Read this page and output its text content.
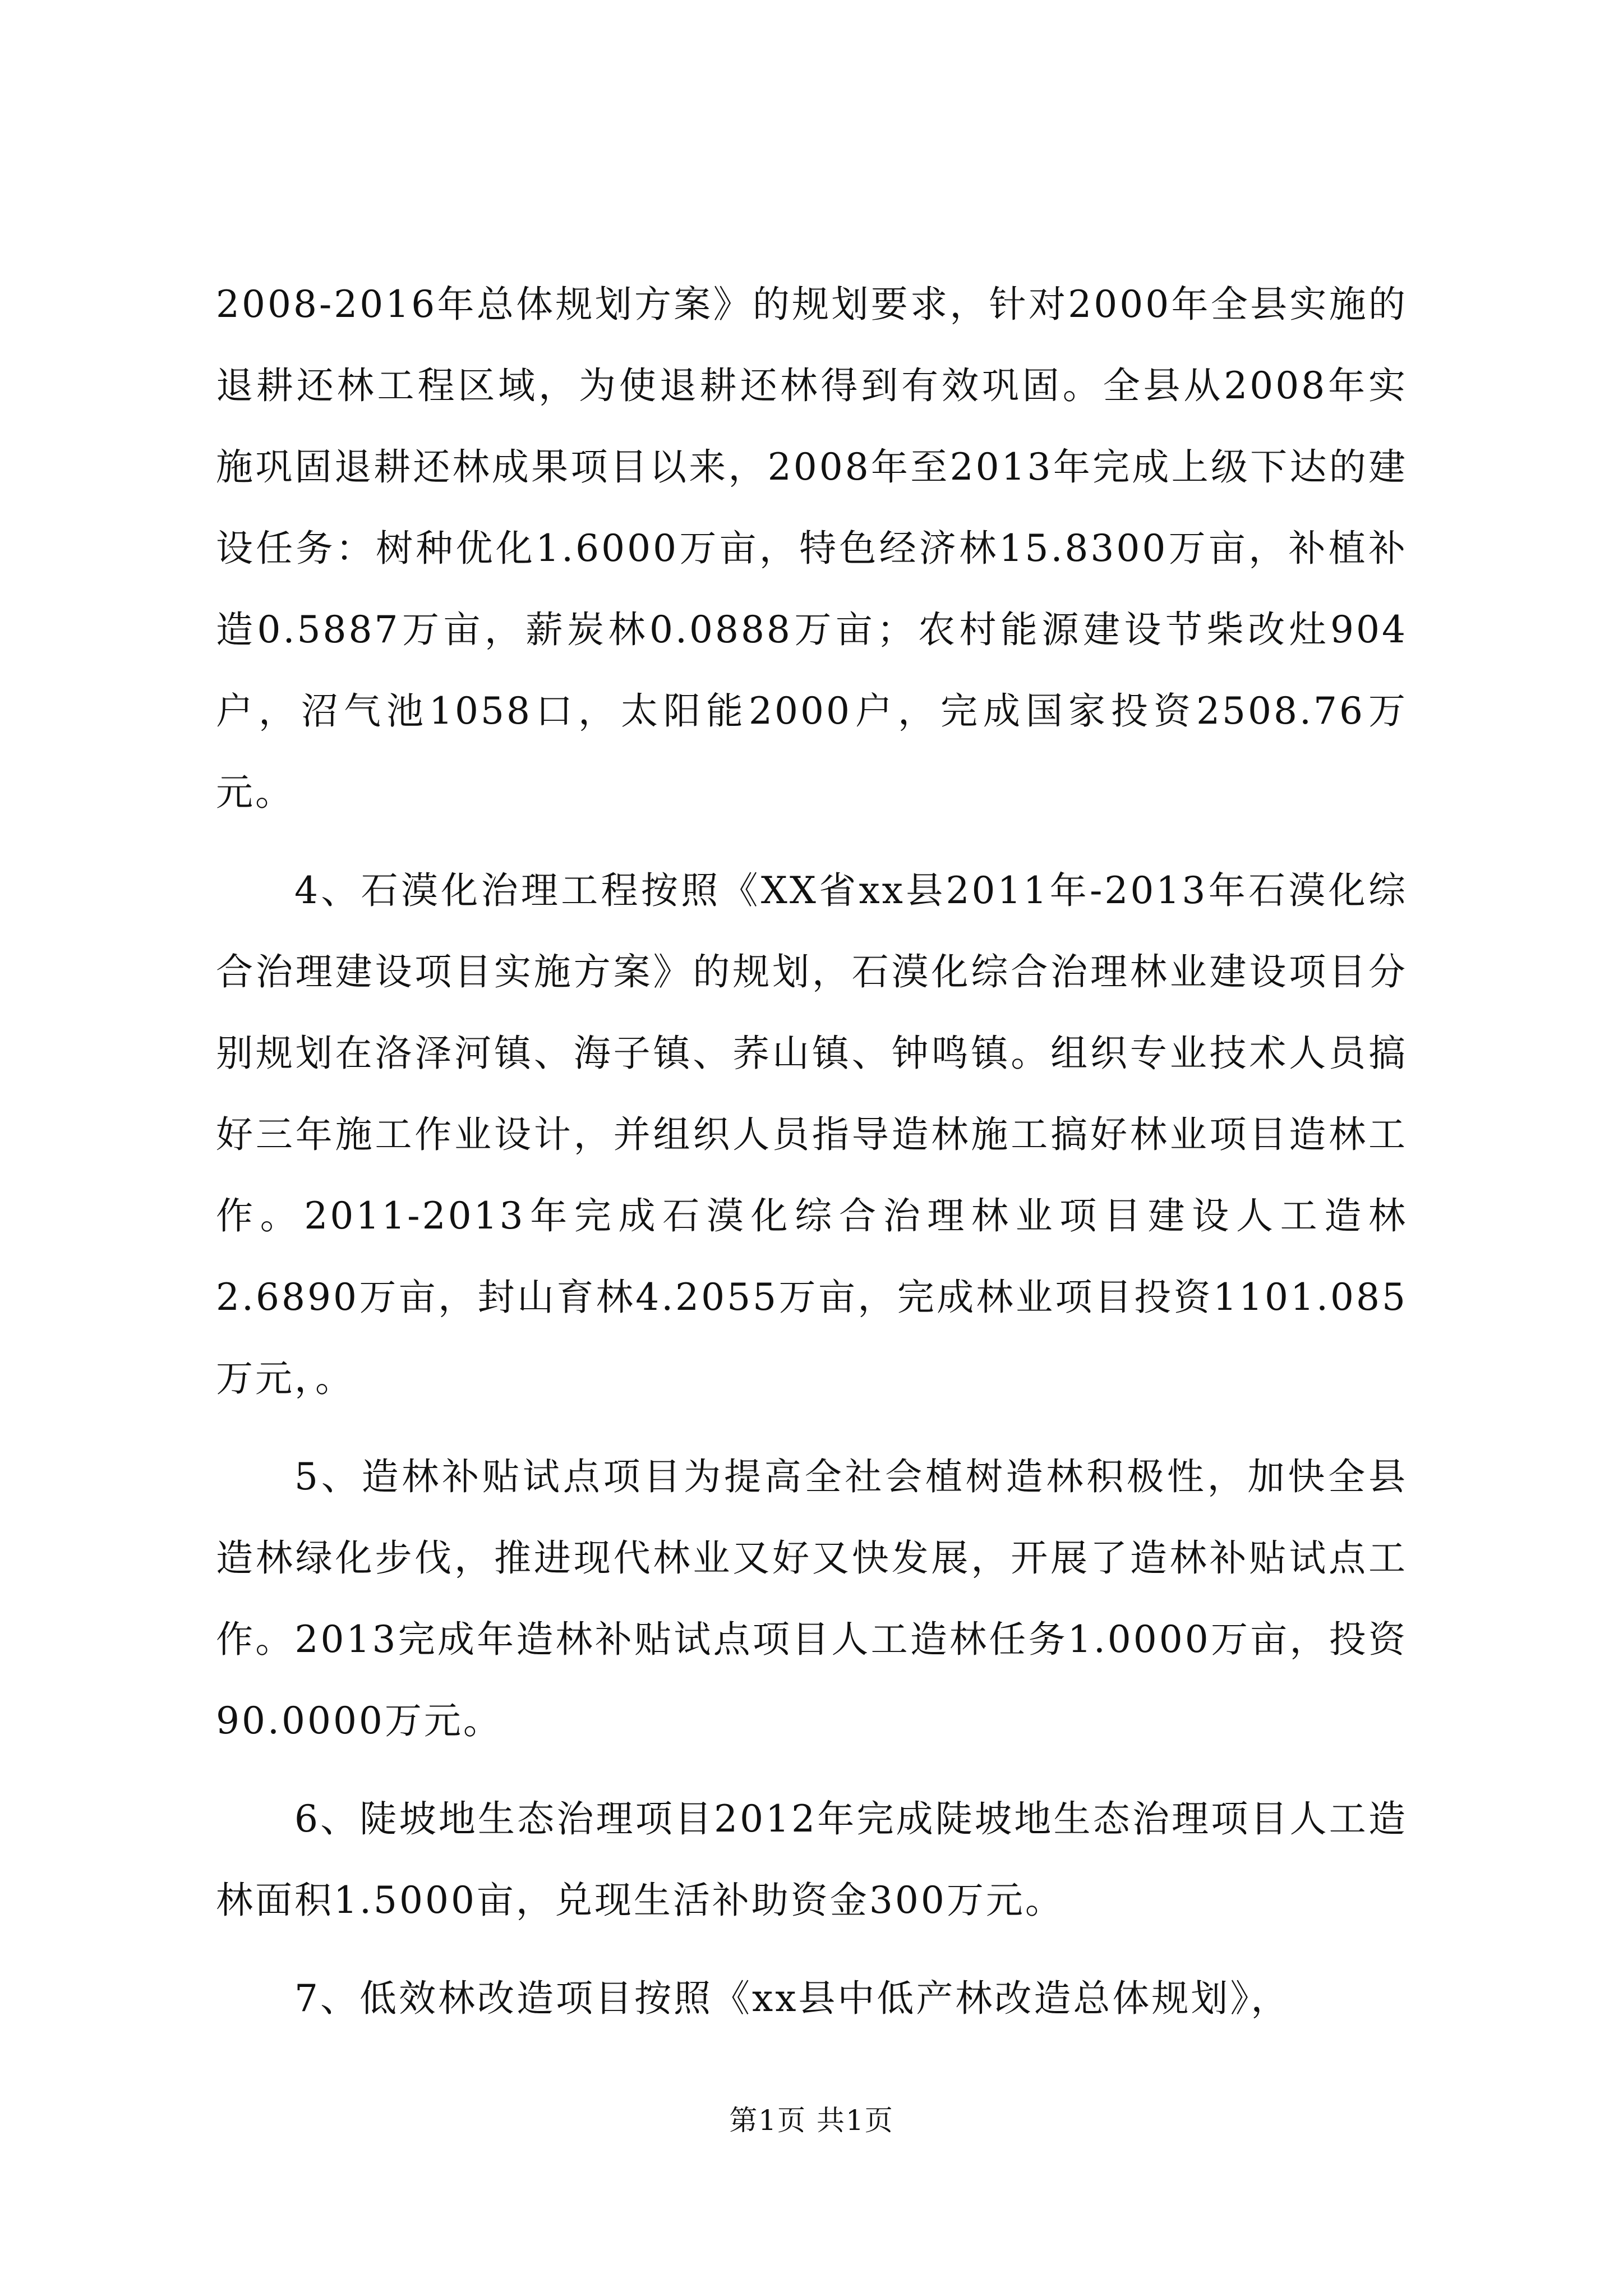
2008-2016年总体规划方案》的规划要求，针对2000年全县实施的退耕还林工程区域，为使退耕还林得到有效巩固。全县从2008年实施巩固退耕还林成果项目以来，2008年至2013年完成上级下达的建设任务：树种优化1.6000万亩，特色经济林15.8300万亩，补植补造0.5887万亩，薪炭林0.0888万亩；农村能源建设节柴改灶904户，沼气池1058口，太阳能2000户，完成国家投资2508.76万元。

4、石漠化治理工程按照《XX省xx县2011年-2013年石漠化综合治理建设项目实施方案》的规划，石漠化综合治理林业建设项目分别规划在洛泽河镇、海子镇、荞山镇、钟鸣镇。组织专业技术人员搞好三年施工作业设计，并组织人员指导造林施工搞好林业项目造林工作。2011-2013年完成石漠化综合治理林业项目建设人工造林2.6890万亩，封山育林4.2055万亩，完成林业项目投资1101.085万元，。

5、造林补贴试点项目为提高全社会植树造林积极性，加快全县造林绿化步伐，推进现代林业又好又快发展，开展了造林补贴试点工作。2013完成年造林补贴试点项目人工造林任务1.0000万亩，投资90.0000万元。

6、陡坡地生态治理项目2012年完成陡坡地生态治理项目人工造林面积1.5000亩，兑现生活补助资金300万元。

7、低效林改造项目按照《xx县中低产林改造总体规划》，

第1页 共1页
